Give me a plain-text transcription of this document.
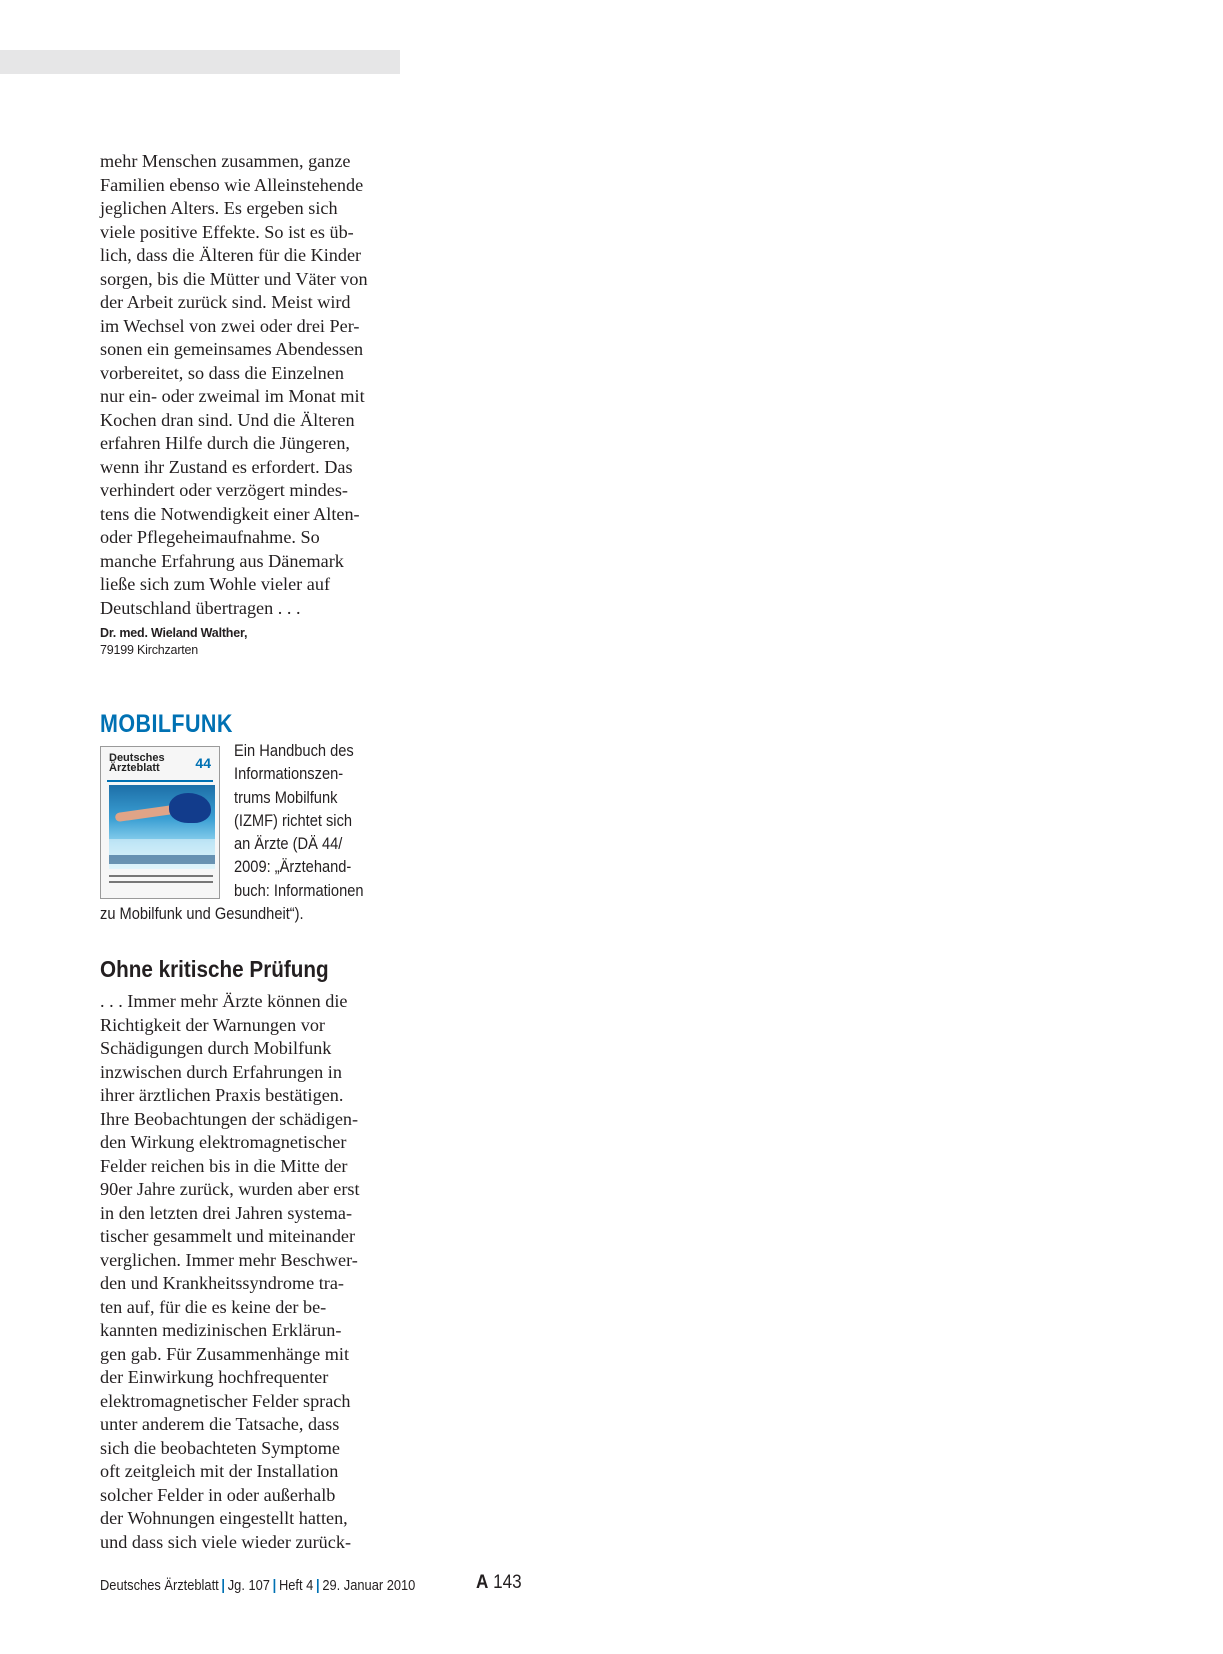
mehr Menschen zusammen, ganze

Familien ebenso wie Alleinstehende

jeglichen Alters. Es ergeben sich

viele positive Effekte. So ist es üb-

lich, dass die Älteren für die Kinder

sorgen, bis die Mütter und Väter von

der Arbeit zurück sind. Meist wird

im Wechsel von zwei oder drei Per-

sonen ein gemeinsames Abendessen

vorbereitet, so dass die Einzelnen

nur ein- oder zweimal im Monat mit

Kochen dran sind. Und die Älteren

erfahren Hilfe durch die Jüngeren,

wenn ihr Zustand es erfordert. Das

verhindert oder verzögert mindes-

tens die Notwendigkeit einer Alten-

oder Pflegeheimaufnahme. So

manche Erfahrung aus Dänemark

ließe sich zum Wohle vieler auf

Deutschland übertragen . . .

Dr. med. Wieland Walther,
79199 Kirchzarten
MOBILFUNK
Deutsches
Ärzteblatt	44

Ein Handbuch des

Informationszen-

trums Mobilfunk

(IZMF) richtet sich

an Ärzte (DÄ 44/

2009: „Ärztehand-

buch: Informationen

zu Mobilfunk und Gesundheit“).

Ohne kritische Prüfung

. . . Immer mehr Ärzte können die

Richtigkeit der Warnungen vor

Schädigungen durch Mobilfunk

inzwischen durch Erfahrungen in

ihrer ärztlichen Praxis bestätigen.

Ihre Beobachtungen der schädigen-

den Wirkung elektromagnetischer

Felder reichen bis in die Mitte der

90er Jahre zurück, wurden aber erst

in den letzten drei Jahren systema-

tischer gesammelt und miteinander

verglichen. Immer mehr Beschwer-

den und Krankheitssyndrome tra-

ten auf, für die es keine der be-

kannten medizinischen Erklärun-

gen gab. Für Zusammenhänge mit

der Einwirkung hochfrequenter

elektromagnetischer Felder sprach

unter anderem die Tatsache, dass

sich die beobachteten Symptome

oft zeitgleich mit der Installation

solcher Felder in oder außerhalb

der Wohnungen eingestellt hatten,

und dass sich viele wieder zurück-

Deutsches Ärzteblatt | Jg. 107 | Heft 4 | 29. Januar 2010	A 143
